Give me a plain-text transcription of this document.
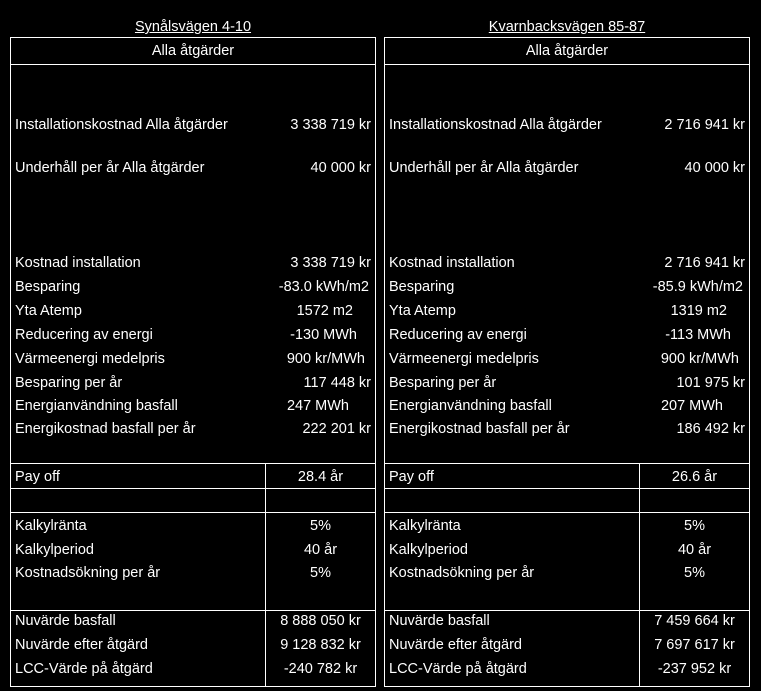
Synålsvägen 4-10
Alla åtgärder
Installationskostnad Alla åtgärder	3 338 719 kr
Underhåll per år Alla åtgärder	40 000 kr
Kostnad installation	3 338 719 kr
Besparing	-83.0 kWh/m2
Yta Atemp	1572 m2
Reducering av energi	-130 MWh
Värmeenergi medelpris	900 kr/MWh
Besparing per år	117 448 kr
Energianvändning basfall	247 MWh
Energikostnad basfall per år	222 201 kr
Pay off	28.4 år
Kalkylränta	5%
Kalkylperiod	40 år
Kostnadsökning per år	5%
Nuvärde basfall	8 888 050 kr
Nuvärde efter åtgärd	9 128 832 kr
LCC-Värde på åtgärd	-240 782 kr
Kvarnbacksvägen 85-87
Alla åtgärder
Installationskostnad Alla åtgärder	2 716 941 kr
Underhåll per år Alla åtgärder	40 000 kr
Kostnad installation	2 716 941 kr
Besparing	-85.9 kWh/m2
Yta Atemp	1319 m2
Reducering av energi	-113 MWh
Värmeenergi medelpris	900 kr/MWh
Besparing per år	101 975 kr
Energianvändning basfall	207 MWh
Energikostnad basfall per år	186 492 kr
Pay off	26.6 år
Kalkylränta	5%
Kalkylperiod	40 år
Kostnadsökning per år	5%
Nuvärde basfall	7 459 664 kr
Nuvärde efter åtgärd	7 697 617 kr
LCC-Värde på åtgärd	-237 952 kr
